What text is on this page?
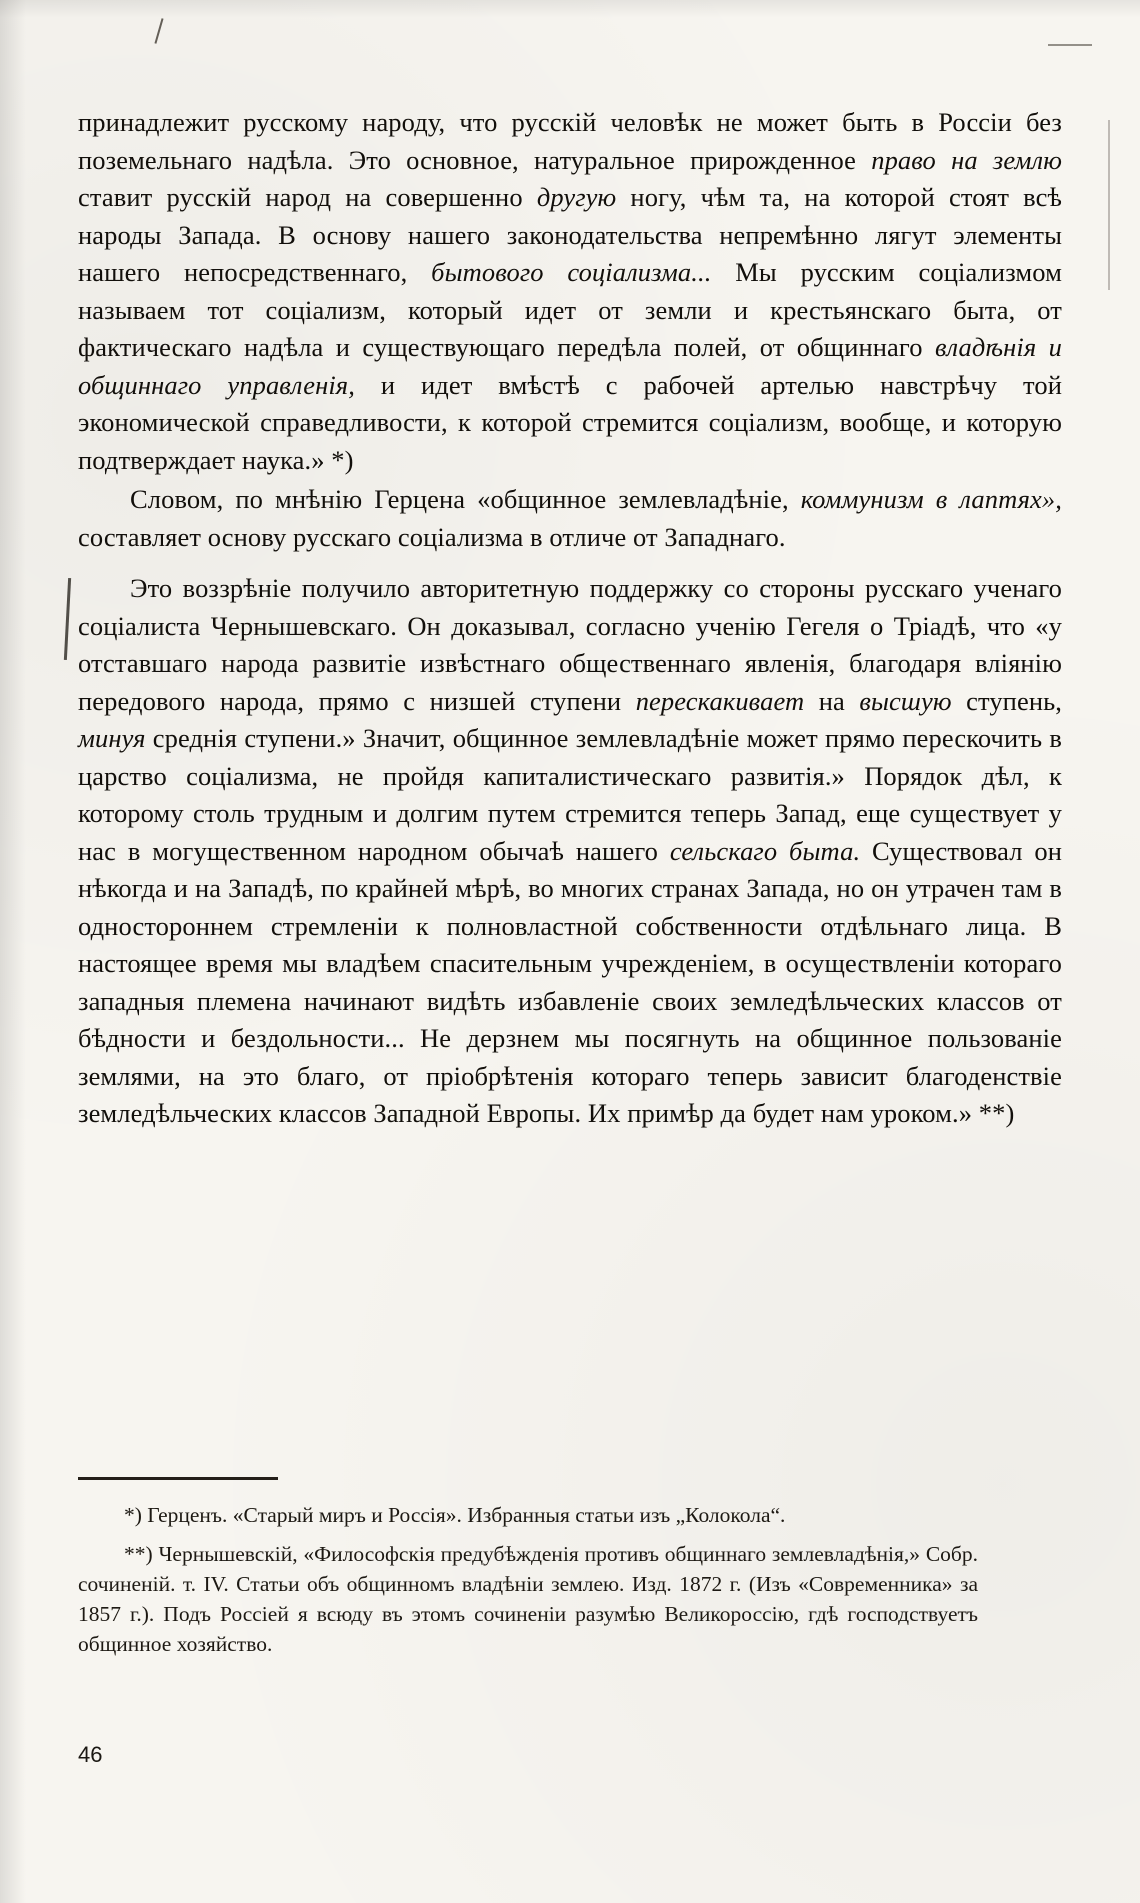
принадлежит русскому народу, что русскій человѣк не может быть в Россіи без поземельнаго надѣла. Это основное, натуральное прирожденное право на землю ставит русскій народ на совершенно другую ногу, чѣм та, на которой стоят всѣ народы Запада. В основу нашего законодательства непремѣнно лягут элементы нашего непосредственнаго, бытового соціализма... Мы русским соціализмом называем тот соціализм, который идет от земли и крестьянскаго быта, от фактическаго надѣла и существующаго передѣла полей, от общиннаго владѣнія и общиннаго управленія, и идет вмѣстѣ с рабочей артелью навстрѣчу той экономической справедливости, к которой стремится соціализм, вообще, и которую подтверждает наука.» *)

Словом, по мнѣнію Герцена «общинное землевладѣніе, коммунизм в лаптях», составляет основу русскаго соціализма в отличе от Западнаго.

Это воззрѣніе получило авторитетную поддержку со стороны русскаго ученаго соціалиста Чернышевскаго. Он доказывал, согласно ученію Гегеля о Тріадѣ, что «у отставшаго народа развитіе извѣстнаго общественнаго явленія, благодаря вліянію передового народа, прямо с низшей ступени перескакивает на высшую ступень, минуя среднія ступени.» Значит, общинное землевладѣніе может прямо перескочить в царство соціализма, не пройдя капиталистическаго развитія.» Порядок дѣл, к которому столь трудным и долгим путем стремится теперь Запад, еще существует у нас в могущественном народном обычаѣ нашего сельскаго быта. Существовал он нѣкогда и на Западѣ, по крайней мѣрѣ, во многих странах Запада, но он утрачен там в одностороннем стремленіи к полновластной собственности отдѣльнаго лица. В настоящее время мы владѣем спасительным учрежденіем, в осуществленіи котораго западныя племена начинают видѣть избавленіе своих земледѣльческих классов от бѣдности и бездольности... Не дерзнем мы посягнуть на общинное пользованіе землями, на это благо, от пріобрѣтенія котораго теперь зависит благоденствіе земледѣльческих классов Западной Европы. Их примѣр да будет нам уроком.» **)

*) Герценъ. «Старый миръ и Россія». Избранныя статьи изъ „Колокола“.

**) Чернышевскій, «Философскія предубѣжденія противъ общиннаго землевладѣнія,» Собр. сочиненій. т. IV. Статьи объ общинномъ владѣніи землею. Изд. 1872 г. (Изъ «Современника» за 1857 г.). Подъ Россіей я всюду въ этомъ сочиненіи разумѣю Великороссію, гдѣ господствуетъ общинное хозяйство.

46
